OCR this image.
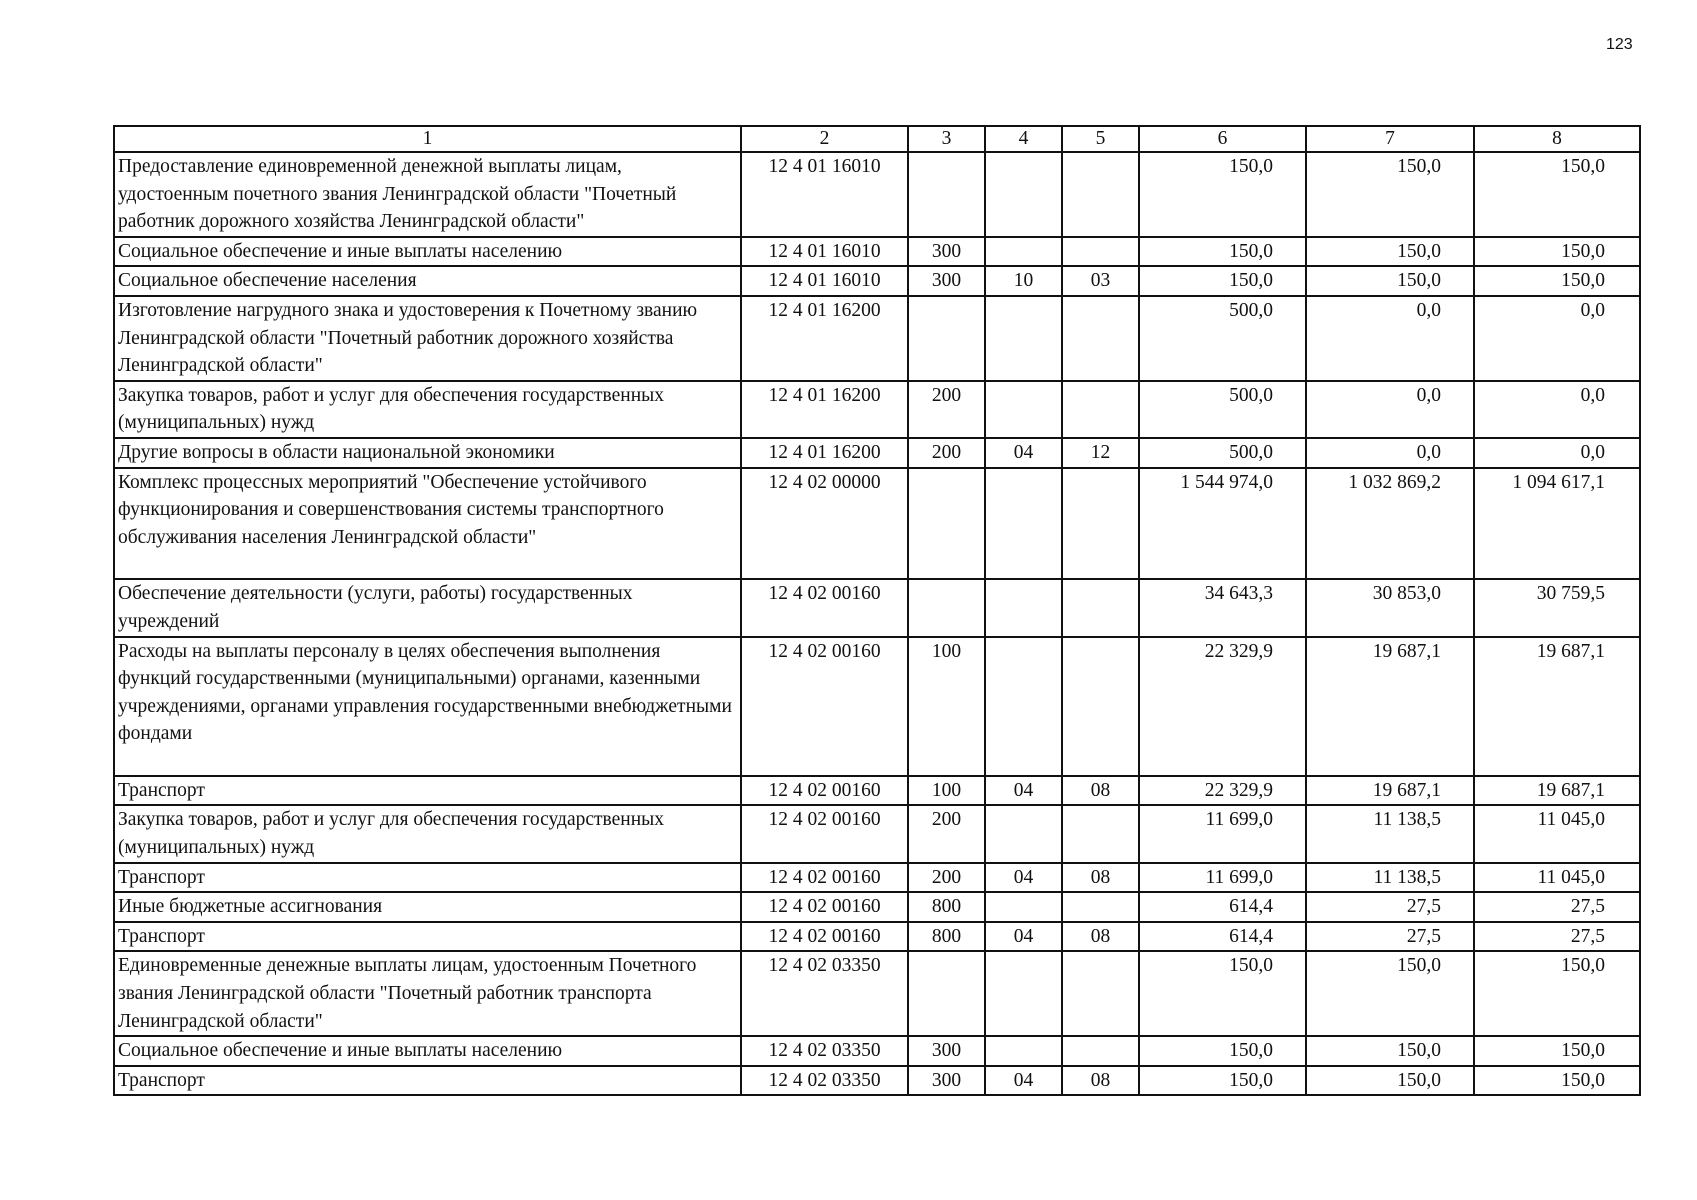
123
1	2	3	4	5	6	7	8
Предоставление единовременной денежной выплаты лицам, удостоенным почетного звания Ленинградской области "Почетный работник дорожного хозяйства Ленинградской области"	12 4 01 16010				150,0	150,0	150,0
Социальное обеспечение и иные выплаты населению	12 4 01 16010	300			150,0	150,0	150,0
Социальное обеспечение населения	12 4 01 16010	300	10	03	150,0	150,0	150,0
Изготовление нагрудного знака и удостоверения к Почетному званию Ленинградской области "Почетный работник дорожного хозяйства Ленинградской области"	12 4 01 16200				500,0	0,0	0,0
Закупка товаров, работ и услуг для обеспечения государственных (муниципальных) нужд	12 4 01 16200	200			500,0	0,0	0,0
Другие вопросы в области национальной экономики	12 4 01 16200	200	04	12	500,0	0,0	0,0
Комплекс процессных мероприятий "Обеспечение устойчивого функционирования и совершенствования системы транспортного обслуживания населения Ленинградской области"	12 4 02 00000				1 544 974,0	1 032 869,2	1 094 617,1
Обеспечение деятельности (услуги, работы) государственных учреждений	12 4 02 00160				34 643,3	30 853,0	30 759,5
Расходы на выплаты персоналу в целях обеспечения выполнения функций государственными (муниципальными) органами, казенными учреждениями, органами управления государственными внебюджетными фондами	12 4 02 00160	100			22 329,9	19 687,1	19 687,1
Транспорт	12 4 02 00160	100	04	08	22 329,9	19 687,1	19 687,1
Закупка товаров, работ и услуг для обеспечения государственных (муниципальных) нужд	12 4 02 00160	200			11 699,0	11 138,5	11 045,0
Транспорт	12 4 02 00160	200	04	08	11 699,0	11 138,5	11 045,0
Иные бюджетные ассигнования	12 4 02 00160	800			614,4	27,5	27,5
Транспорт	12 4 02 00160	800	04	08	614,4	27,5	27,5
Единовременные денежные выплаты лицам, удостоенным Почетного звания Ленинградской области "Почетный работник транспорта Ленинградской области"	12 4 02 03350				150,0	150,0	150,0
Социальное обеспечение и иные выплаты населению	12 4 02 03350	300			150,0	150,0	150,0
Транспорт	12 4 02 03350	300	04	08	150,0	150,0	150,0
